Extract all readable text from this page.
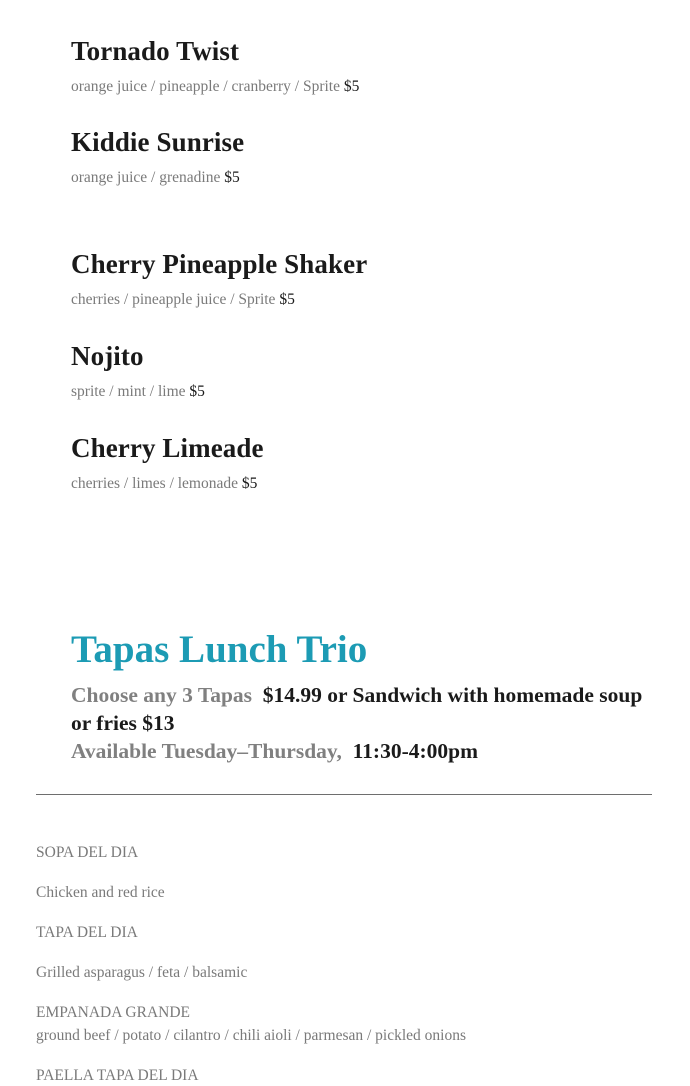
Tornado Twist
orange juice / pineapple / cranberry / Sprite $5
Kiddie Sunrise
orange juice / grenadine $5
Cherry Pineapple Shaker
cherries / pineapple juice / Sprite $5
Nojito
sprite / mint / lime $5
Cherry Limeade
cherries / limes / lemonade $5
Tapas Lunch Trio
Choose any 3 Tapas $14.99 or Sandwich with homemade soup or fries $13
Available Tuesday–Thursday, 11:30-4:00pm
SOPA DEL DIA
Chicken and red rice
TAPA DEL DIA
Grilled asparagus / feta / balsamic
EMPANADA GRANDE
ground beef / potato / cilantro / chili aioli / parmesan / pickled onions
PAELLA TAPA DEL DIA
